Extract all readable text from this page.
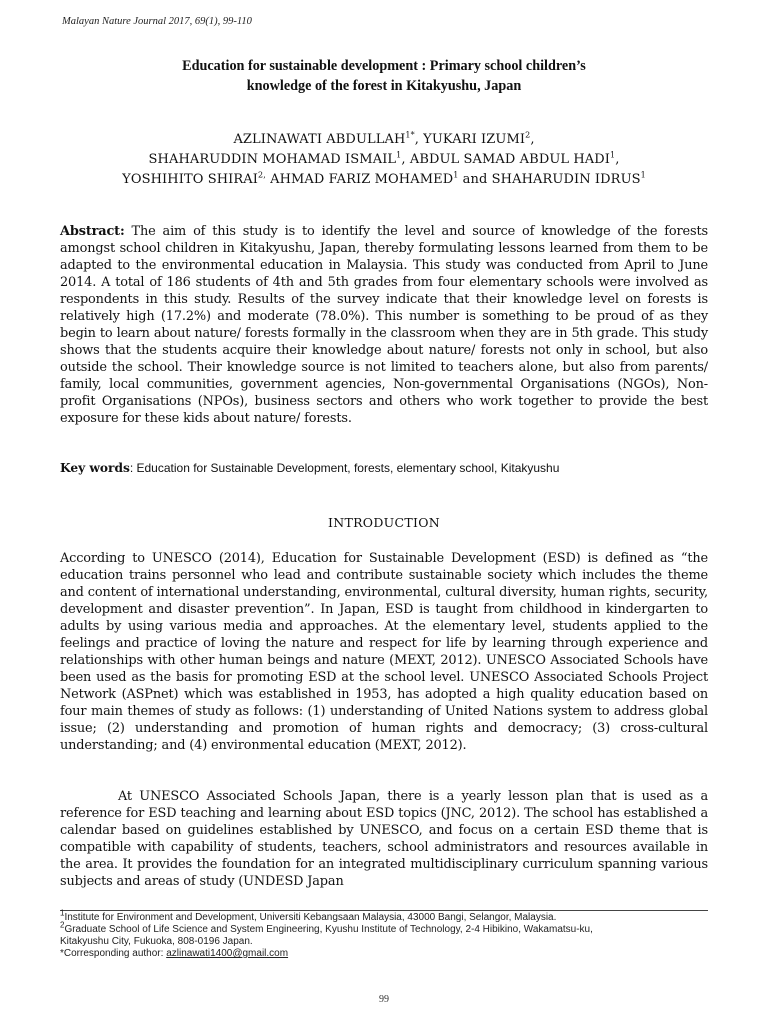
Malayan Nature Journal 2017, 69(1), 99-110
Education for sustainable development : Primary school children’s
knowledge of the forest in Kitakyushu, Japan
AZLINAWATI $ABDULLAH^{1*}$, YUKARI IZUMI$^2$,
SHAHARUDDIN MOHAMAD ISMAIL$^1$, ABDUL SAMAD ABDUL HADI$^1$,
YOSHIHITO $SHIRAI^{2,}$ AHMAD FARIZ MOHAMED$^1$ and SHAHARUDIN IDRUS$^1$

Abstract: The aim of this study is to identify the level and source of knowledge of the forests amongst school children in Kitakyushu, Japan, thereby formulating lessons learned from them to be adapted to the environmental education in Malaysia. This study was conducted from April to June 2014. A total of 186 students of 4th and 5th grades from four elementary schools were involved as respondents in this study. Results of the survey indicate that their knowledge level on forests is relatively high (17.2%) and moderate (78.0%). This number is something to be proud of as they begin to learn about nature/ forests formally in the classroom when they are in 5th grade. This study shows that the students acquire their knowledge about nature/ forests not only in school, but also outside the school. Their knowledge source is not limited to teachers alone, but also from parents/ family, local communities, government agencies, Non-governmental Organisations (NGOs), Non-profit Organisations (NPOs), business sectors and others who work together to provide the best exposure for these kids about nature/ forests.

Key words: Education for Sustainable Development, forests, elementary school, Kitakyushu
INTRODUCTION

According to UNESCO (2014), Education for Sustainable Development (ESD) is defined as “the education trains personnel who lead and contribute sustainable society which includes the theme and content of international understanding, environmental, cultural diversity, human rights, security, development and disaster prevention”. In Japan, ESD is taught from childhood in kindergarten to adults by using various media and approaches. At the elementary level, students applied to the feelings and practice of loving the nature and respect for life by learning through experience and relationships with other human beings and nature (MEXT, 2012). UNESCO Associated Schools have been used as the basis for promoting ESD at the school level. UNESCO Associated Schools Project Network (ASPnet) which was established in 1953, has adopted a high quality education based on four main themes of study as follows: (1) understanding of United Nations system to address global issue; (2) understanding and promotion of human rights and democracy; (3) cross-cultural understanding; and (4) environmental education (MEXT, 2012).

At UNESCO Associated Schools Japan, there is a yearly lesson plan that is used as a reference for ESD teaching and learning about ESD topics (JNC, 2012). The school has established a calendar based on guidelines established by UNESCO, and focus on a certain ESD theme that is compatible with capability of students, teachers, school administrators and resources available in the area. It provides the foundation for an integrated multidisciplinary curriculum spanning various subjects and areas of study (UNDESD Japan

$^1$Institute for Environment and Development, Universiti Kebangsaan Malaysia, 43000 Bangi, Selangor, Malaysia.
$^2$Graduate School of Life Science and System Engineering, Kyushu Institute of Technology, 2-4 Hibikino, Wakamatsu-ku,
Kitakyushu City, Fukuoka, 808-0196 Japan.
*Corresponding author: azlinawati1400@gmail.com
99
